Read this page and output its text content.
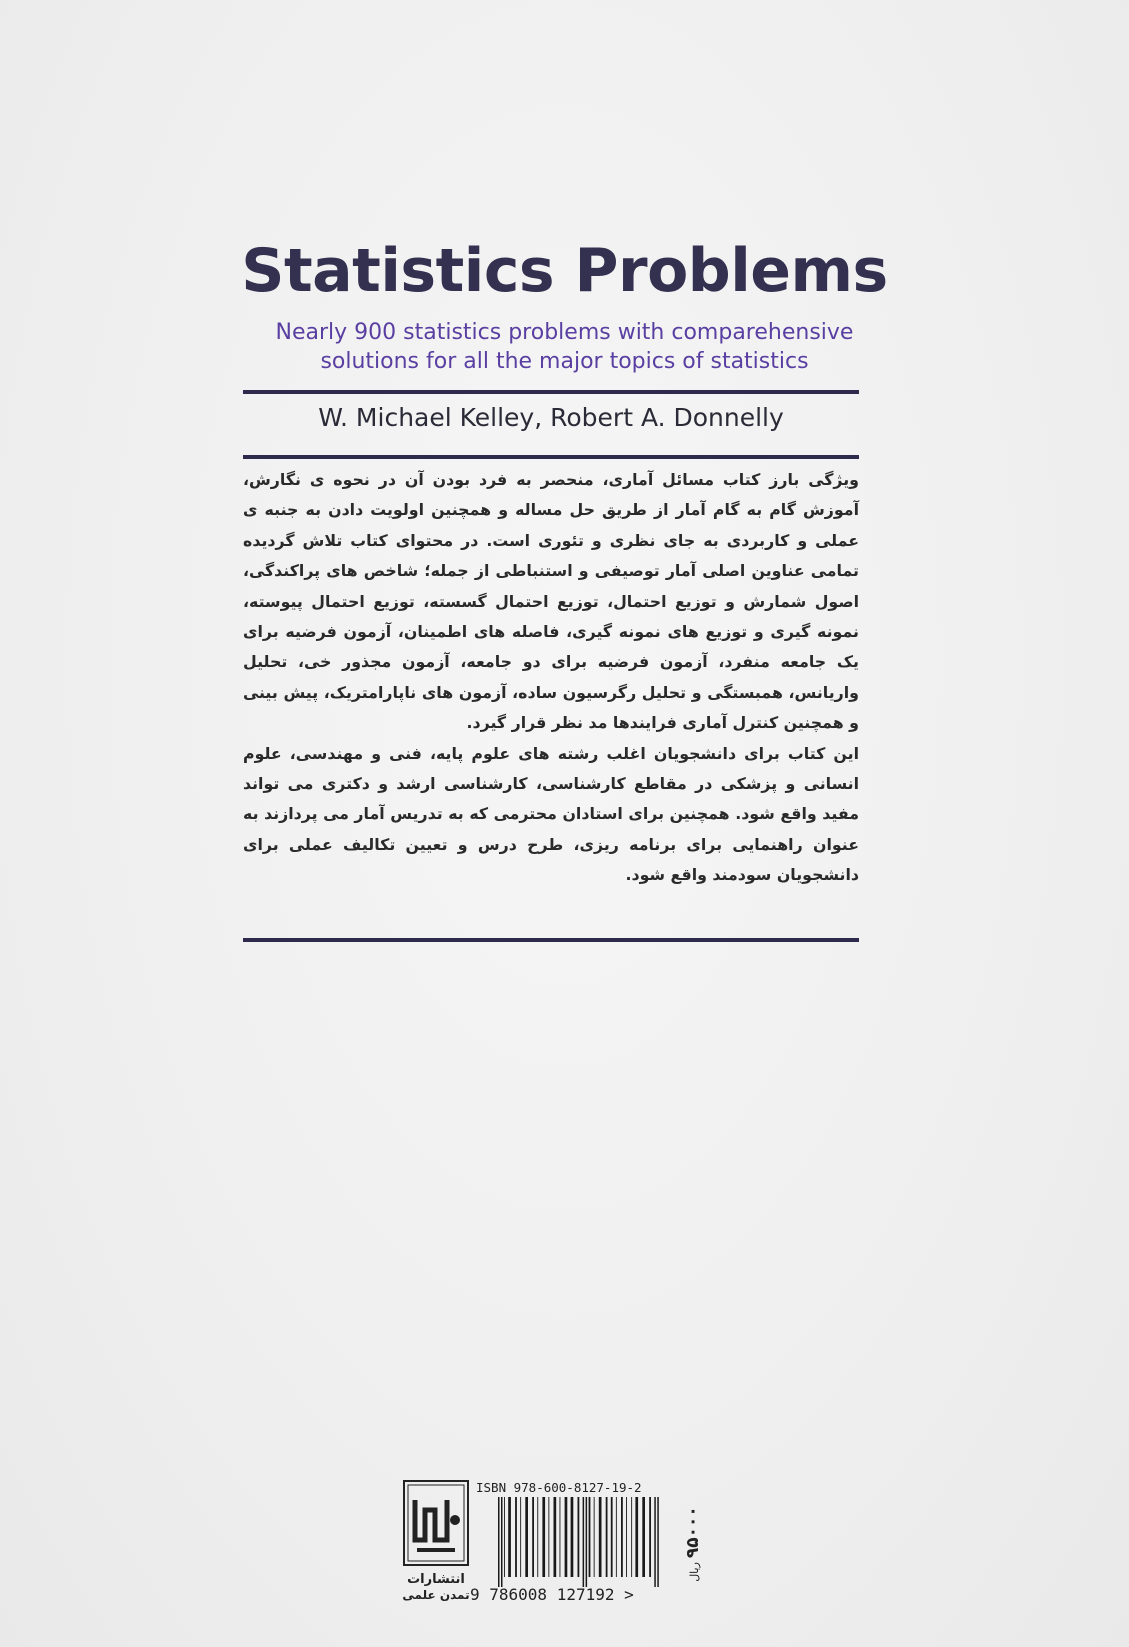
Statistics Problems
Nearly 900 statistics problems with comparehensive
solutions for all the major topics of statistics
W. Michael Kelley, Robert A. Donnelly

ویژگی بارز کتاب مسائل آماری، منحصر به فرد بودن آن در نحوه ی نگارش، آموزش گام به گام آمار از طریق حل مساله و همچنین اولویت دادن به جنبه ی عملی و کاربردی به جای نظری و تئوری است. در محتوای کتاب تلاش گردیده تمامی عناوین اصلی آمار توصیفی و استنباطی از جمله؛ شاخص های پراکندگی، اصول شمارش و توزیع احتمال، توزیع احتمال گسسته، توزیع احتمال پیوسته، نمونه گیری و توزیع های نمونه گیری، فاصله های اطمینان، آزمون فرضیه برای یک جامعه منفرد، آزمون فرضیه برای دو جامعه، آزمون مجذور خی، تحلیل واریانس، همبستگی و تحلیل رگرسیون ساده، آزمون های ناپارامتریک، پیش بینی و همچنین کنترل آماری فرایندها مد نظر قرار گیرد.

این کتاب برای دانشجویان اغلب رشته های علوم پایه، فنی و مهندسی، علوم انسانی و پزشکی در مقاطع کارشناسی، کارشناسی ارشد و دکتری می تواند مفید واقع شود. همچنین برای استادان محترمی که به تدریس آمار می پردازند به عنوان راهنمایی برای برنامه ریزی، طرح درس و تعیین تکالیف عملی برای دانشجویان سودمند واقع شود.

انتشارات
تمدن علمی
ISBN 978-600-8127-19-2
9 786008 127192 >
۹۵۰۰۰ریال
